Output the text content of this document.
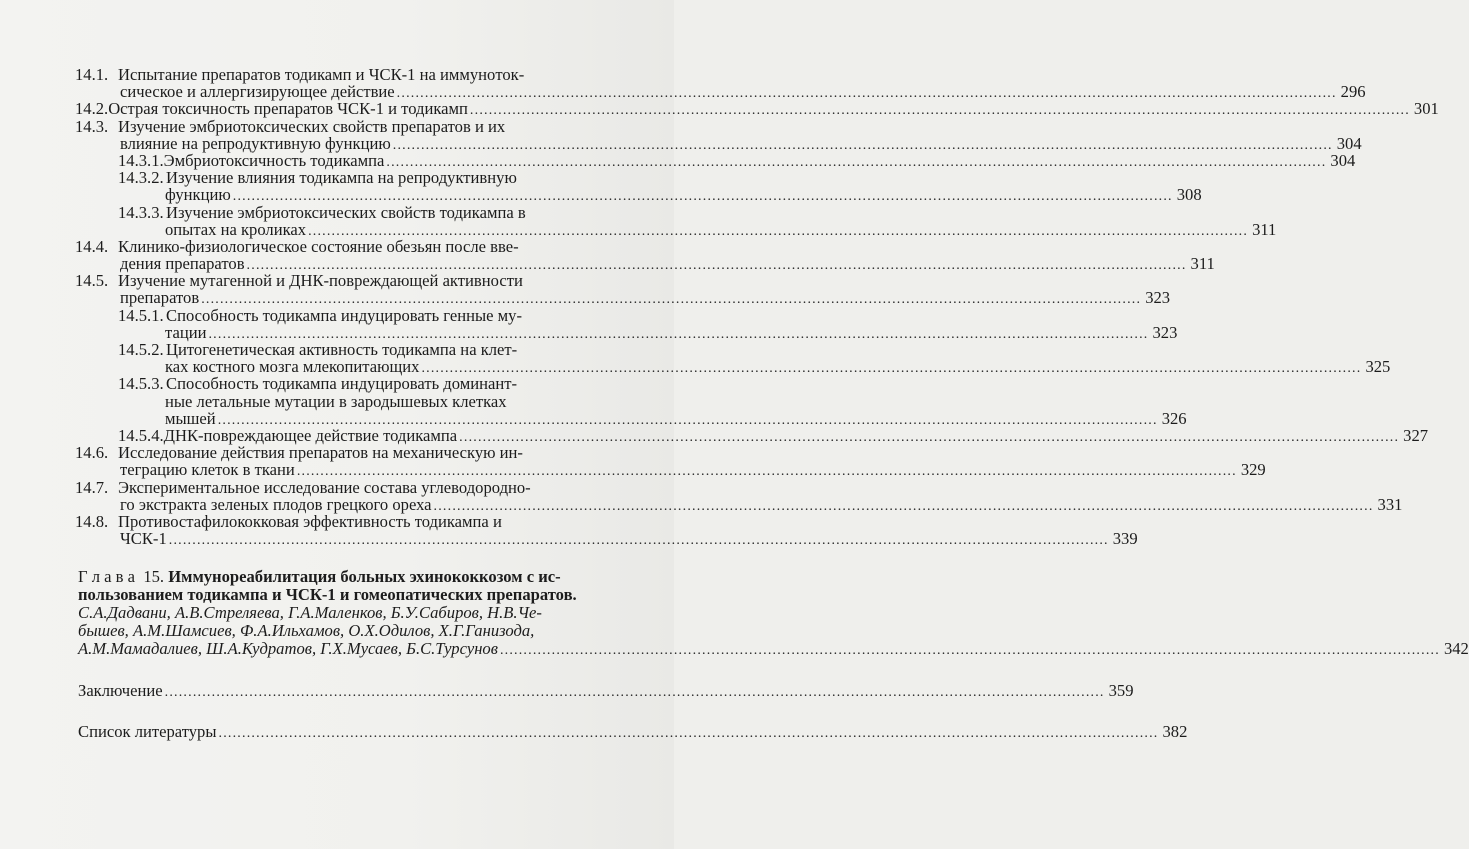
14.1. Испытание препаратов тодикамп и ЧСК-1 на иммунoток-
сическое и аллергизирующее действие ........................................................................................................................................................................................................ 296
14.2. Острая токсичность препаратов ЧСК-1 и тодикамп ........................................................................................................................................................................................................ 301
14.3. Изучение эмбриотоксических свойств препаратов и их
влияние на репродуктивную функцию ........................................................................................................................................................................................................ 304
14.3.1. Эмбриотоксичность тодикампа ........................................................................................................................................................................................................ 304
14.3.2. Изучение влияния тодикампа на репродуктивную
функцию ........................................................................................................................................................................................................ 308
14.3.3. Изучение эмбриотоксических свойств тодикампа в
опытах на кроликах ........................................................................................................................................................................................................ 311
14.4. Клинико-физиологическое состояние обезьян после вве-
дения препаратов ........................................................................................................................................................................................................ 311
14.5. Изучение мутагенной и ДНК-повреждающей активности
препаратов ........................................................................................................................................................................................................ 323
14.5.1. Способность тодикампа индуцировать генные му-
тации ........................................................................................................................................................................................................ 323
14.5.2. Цитогенетическая активность тодикампа на клет-
ках костного мозга млекопитающих ........................................................................................................................................................................................................ 325
14.5.3. Способность тодикампа индуцировать доминант-
ные летальные мутации в зародышевых клетках
мышей ........................................................................................................................................................................................................ 326
14.5.4. ДНК-повреждающее действие тодикампа ........................................................................................................................................................................................................ 327
14.6. Исследование действия препаратов на механическую ин-
теграцию клеток в ткани ........................................................................................................................................................................................................ 329
14.7. Экспериментальное исследование состава углеводородно-
го экстракта зеленых плодов грецкого ореха ........................................................................................................................................................................................................ 331
14.8. Противостафилококковая эффективность тодикампа и
ЧСК-1 ........................................................................................................................................................................................................ 339
Г л а в а  15. Иммунореабилитация больных эхинококкозом с ис-
пользованием тодикампа и ЧСК-1 и гомеопатических препаратов.
С.А.Дадвани, А.В.Стреляева, Г.А.Маленков, Б.У.Сабиров, Н.В.Че-
бышев, А.М.Шамсиев, Ф.А.Ильхамов, О.Х.Одилов, Х.Г.Ганизода,
А.М.Мамадалиев, Ш.А.Кудратов, Г.Х.Мусаев, Б.С.Турсунов ........................................................................................................................................................................................................ 342
Заключение ........................................................................................................................................................................................................ 359
Список литературы ........................................................................................................................................................................................................ 382
